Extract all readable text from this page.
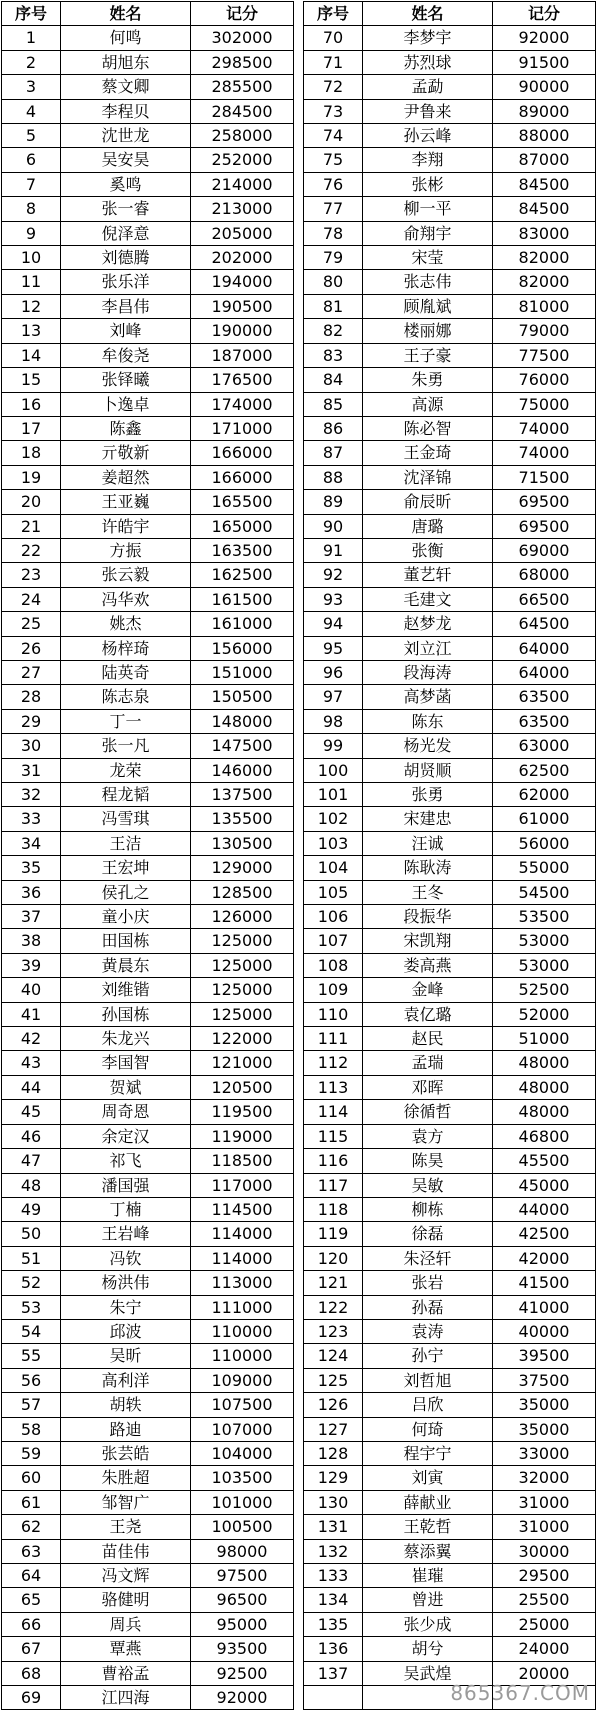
序号	姓名	记分
1	何鸣	302000
2	胡旭东	298500
3	蔡文卿	285500
4	李程贝	284500
5	沈世龙	258000
6	吴安昊	252000
7	奚鸣	214000
8	张一睿	213000
9	倪泽意	205000
10	刘德腾	202000
11	张乐洋	194000
12	李昌伟	190500
13	刘峰	190000
14	牟俊尧	187000
15	张铎曦	176500
16	卜逸卓	174000
17	陈鑫	171000
18	亓敬新	166000
19	姜超然	166000
20	王亚巍	165500
21	许皓宇	165000
22	方振	163500
23	张云毅	162500
24	冯华欢	161500
25	姚杰	161000
26	杨梓琦	156000
27	陆英奇	151000
28	陈志泉	150500
29	丁一	148000
30	张一凡	147500
31	龙荣	146000
32	程龙韬	137500
33	冯雪琪	135500
34	王洁	130500
35	王宏坤	129000
36	侯孔之	128500
37	童小庆	126000
38	田国栋	125000
39	黄晨东	125000
40	刘维锴	125000
41	孙国栋	125000
42	朱龙兴	122000
43	李国智	121000
44	贺斌	120500
45	周奇恩	119500
46	余定汉	119000
47	祁飞	118500
48	潘国强	117000
49	丁楠	114500
50	王岩峰	114000
51	冯钦	114000
52	杨洪伟	113000
53	朱宁	111000
54	邱波	110000
55	吴昕	110000
56	高利洋	109000
57	胡轶	107500
58	路迪	107000
59	张芸皓	104000
60	朱胜超	103500
61	邹智广	101000
62	王尧	100500
63	苗佳伟	98000
64	冯文辉	97500
65	骆健明	96500
66	周兵	95000
67	覃燕	93500
68	曹裕孟	92500
69	江四海	92000
序号	姓名	记分
70	李梦宇	92000
71	苏烈球	91500
72	孟勐	90000
73	尹鲁来	89000
74	孙云峰	88000
75	李翔	87000
76	张彬	84500
77	柳一平	84500
78	俞翔宇	83000
79	宋莹	82000
80	张志伟	82000
81	顾胤斌	81000
82	楼丽娜	79000
83	王子豪	77500
84	朱勇	76000
85	高源	75000
86	陈必智	74000
87	王金琦	74000
88	沈泽锦	71500
89	俞辰昕	69500
90	唐璐	69500
91	张衡	69000
92	董艺轩	68000
93	毛建文	66500
94	赵梦龙	64500
95	刘立江	64000
96	段海涛	64000
97	高梦菡	63500
98	陈东	63500
99	杨光发	63000
100	胡贤顺	62500
101	张勇	62000
102	宋建忠	61000
103	汪诚	56000
104	陈耿涛	55000
105	王冬	54500
106	段振华	53500
107	宋凯翔	53000
108	娄高燕	53000
109	金峰	52500
110	袁亿璐	52000
111	赵民	51000
112	孟瑞	48000
113	邓晖	48000
114	徐循哲	48000
115	袁方	46800
116	陈昊	45500
117	吴敏	45000
118	柳栋	44000
119	徐磊	42500
120	朱泾轩	42000
121	张岩	41500
122	孙磊	41000
123	袁涛	40000
124	孙宁	39500
125	刘哲旭	37500
126	吕欣	35000
127	何琦	35000
128	程宇宁	33000
129	刘寅	32000
130	薛献业	31000
131	王乾哲	31000
132	蔡添翼	30000
133	崔璀	29500
134	曾进	25500
135	张少成	25000
136	胡兮	24000
137	吴武煌	20000

865367.COM
